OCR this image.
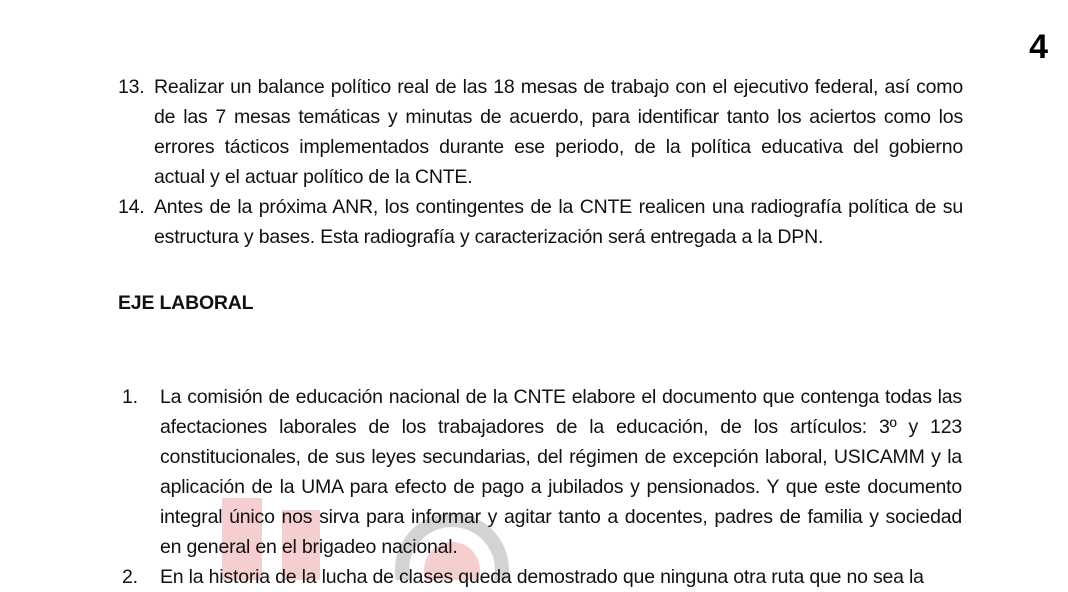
4
13. Realizar un balance político real de las 18 mesas de trabajo con el ejecutivo federal, así como de las 7 mesas temáticas y minutas de acuerdo, para identificar tanto los aciertos como los errores tácticos implementados durante ese periodo, de la política educativa del gobierno actual y el actuar político de la CNTE.
14. Antes de la próxima ANR, los contingentes de la CNTE realicen una radiografía política de su estructura y bases. Esta radiografía y caracterización será entregada a la DPN.
EJE LABORAL
1. La comisión de educación nacional de la CNTE elabore el documento que contenga todas las afectaciones laborales de los trabajadores de la educación, de los artículos: 3º y 123 constitucionales, de sus leyes secundarias, del régimen de excepción laboral, USICAMM y la aplicación de la UMA para efecto de pago a jubilados y pensionados. Y que este documento integral único nos sirva para informar y agitar tanto a docentes, padres de familia y sociedad en general en el brigadeo nacional.
2. En la historia de la lucha de clases queda demostrado que ninguna otra ruta que no sea la
